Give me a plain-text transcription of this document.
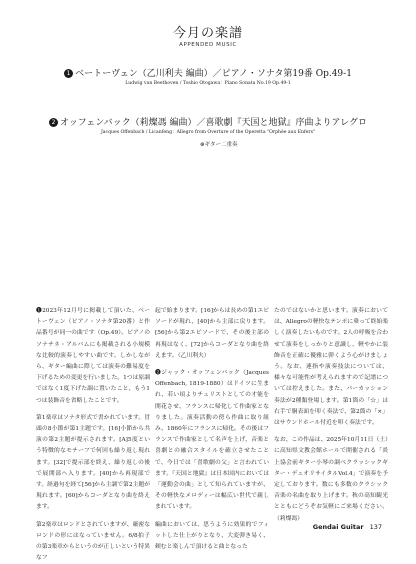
今月の楽譜
APPENDED MUSIC
1 ベートーヴェン（乙川利夫 編曲）／ピアノ・ソナタ第19番 Op.49-1
Ludwig van Beethoven / Toshio Otogawa：Piano Sonata No.19 Op.49-1
2 オッフェンバック（莉燦馮 編曲）／喜歌劇『天国と地獄』序曲よりアレグロ
Jacques Offenbach / Licanfeng：Allegro from Overture of the Operetta "Orphée aux Enfers"
⊛ギター二重奏

❶2023年12月号に掲載して頂いた、ベートーヴェン（ピアノ・ソナタ第20番）と作品番号が同一の曲です（Op.49）。ピアノのソナチネ・アルバムにも掲載される小規模な比較的演奏しやすい曲です。しかしながら、ギター編曲に際しては演奏の難易度を下げるための変更を行いました。1つは原調ではなく1度下げた調に置いたこと、もう1つは装飾音を省略したことです。

第1楽章はソナタ形式で書かれています。冒頭の8小節が第1主題です。[16]小節から共演の第2主題が提示されます。[A]5度という特徴的なモチーフで何回も繰り返し現れます。[32]で提示部を終え、繰り返しの後で展開部へ入ります。[40]から再現部です。経過句を経て[56]から主調で第2主題が現れます。[60]からコーダとなり曲を終えます。

第2楽章はロンドとされていますが、厳密なロンドの形にはなっていません。6/8拍子の第3楽章からというのが正しいという特異なフ

起で始まります。[16]からは長めの第1エピソードが現れ、[40]から主部に戻ります。[56]から第2エピソードで、その後主部の再現はなく、[72]からコーダとなり曲を終えます。（乙川利夫）

❷ジャック・オッフェンバック（Jacques Offenbach, 1819-1880）はドイツに生まれ、若い頃よりチェリストとしての才能を開花させ、フランスに帰化して作曲家となりました。演奏活動の傍ら作曲に取り組み、1860年にフランスに帰化。その後はフランスで作曲家として名声を上げ、音楽と喜劇との融合スタイルを確立させたことで、今日では「喜歌劇の父」と言われています。『天国と地獄』は日本国内においては「運動会の曲」として知られていますが、その軽快なメロディーは幅広い世代で親しまれています。

編曲においては、思うように効果的でフィットした仕上がりとなり、大変弾き易く、頼むと楽しんで頂けると曲となった

たのではないかと思います。演奏においては、Allegroの軽快なテンポに乗って終始楽しく演奏したいものです。2人の呼吸を合わせて演奏をしっかりと意識し、軽やかに装飾音を正確に優雅に弾くよう心がけましょう。なお、連指や演奏技法については、様々な可能性が考えられますので記譜については控えました。また、バーカッション奏法が2種類登場します。第1箇の「☆」は右手で胴表面を叩く奏法で、第2箇の「×」はサウンドホール付近を叩く奏法です。

なお、この作品は、2025年10月11日（土）に高知県文教会館ホールで開催される「炎上協会前ギター小琴の調べクラッシックギター・デュオリサイタルVol.4」で演奏を予定しております。数にも多数のクラシック音楽の名曲を取り上げます。秋の高知観光とともにどうぞお気軽にご来場ください。（莉燦馮）

Gendai Guitar 137
